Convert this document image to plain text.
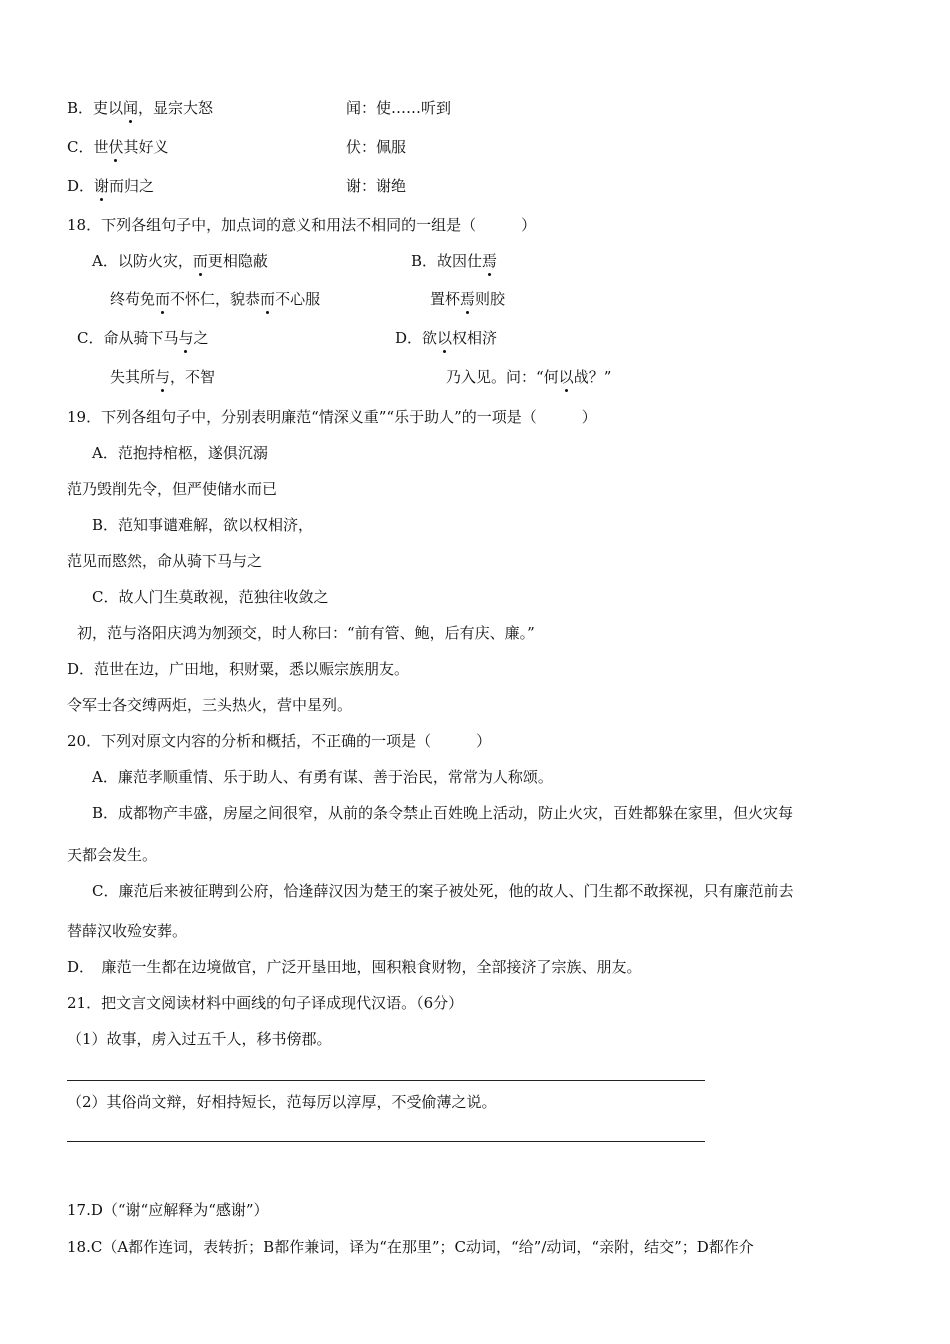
B．吏以闻，显宗大怒	闻：使……听到
C．世伏其好义	伏：佩服
D．谢而归之	谢：谢绝
18．下列各组句子中，加点词的意义和用法不相同的一组是（　　　）
A．以防火灾，而更相隐蔽	B．故因仕焉
终苟免而不怀仁，貌恭而不心服	置杯焉则胶
C．命从骑下马与之	D．欲以权相济
失其所与，不智	乃入见。问：“何以战？”
19．下列各组句子中，分别表明廉范“情深义重”“乐于助人”的一项是（　　　）
A．范抱持棺柩，遂俱沉溺
范乃毁削先令，但严使储水而已
B．范知事谴难解，欲以权相济，
范见而愍然，命从骑下马与之
C．故人门生莫敢视，范独往收敛之
初，范与洛阳庆鸿为刎颈交，时人称曰：“前有管、鲍，后有庆、廉。”
D．范世在边，广田地，积财粟，悉以赈宗族朋友。
令军士各交缚两炬，三头热火，营中星列。
20．下列对原文内容的分析和概括，不正确的一项是（　　　）
A．廉范孝顺重情、乐于助人、有勇有谋、善于治民，常常为人称颂。
B．成都物产丰盛，房屋之间很窄，从前的条令禁止百姓晚上活动，防止火灾，百姓都躲在家里，但火灾每
天都会发生。
C．廉范后来被征聘到公府，恰逢薛汉因为楚王的案子被处死，他的故人、门生都不敢探视，只有廉范前去
替薛汉收殓安葬。
D．　廉范一生都在边境做官，广泛开垦田地，囤积粮食财物，全部接济了宗族、朋友。
21．把文言文阅读材料中画线的句子译成现代汉语。（6分）
（1）故事，虏入过五千人，移书傍郡。
（2）其俗尚文辩，好相持短长，范每厉以淳厚，不受偷薄之说。
17.D（“谢“应解释为“感谢”）
18.C（A都作连词，表转折；B都作兼词，译为“在那里”；C动词，“给”/动词，“亲附，结交”；D都作介
